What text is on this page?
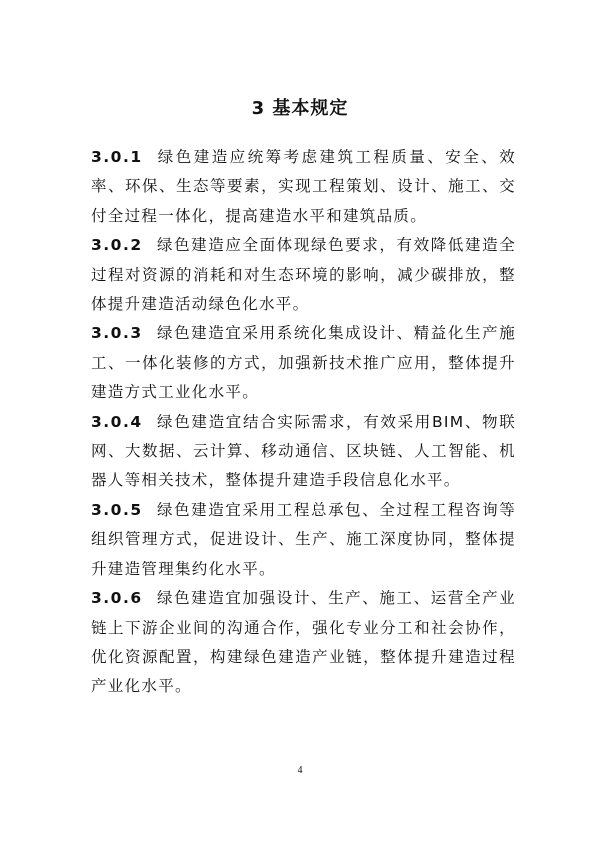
3 基本规定

3.0.1 绿色建造应统筹考虑建筑工程质量、安全、效率、环保、生态等要素，实现工程策划、设计、施工、交付全过程一体化，提高建造水平和建筑品质。

3.0.2 绿色建造应全面体现绿色要求，有效降低建造全过程对资源的消耗和对生态环境的影响，减少碳排放，整体提升建造活动绿色化水平。

3.0.3 绿色建造宜采用系统化集成设计、精益化生产施工、一体化装修的方式，加强新技术推广应用，整体提升建造方式工业化水平。

3.0.4 绿色建造宜结合实际需求，有效采用BIM、物联网、大数据、云计算、移动通信、区块链、人工智能、机器人等相关技术，整体提升建造手段信息化水平。

3.0.5 绿色建造宜采用工程总承包、全过程工程咨询等组织管理方式，促进设计、生产、施工深度协同，整体提升建造管理集约化水平。

3.0.6 绿色建造宜加强设计、生产、施工、运营全产业链上下游企业间的沟通合作，强化专业分工和社会协作，优化资源配置，构建绿色建造产业链，整体提升建造过程产业化水平。

4
